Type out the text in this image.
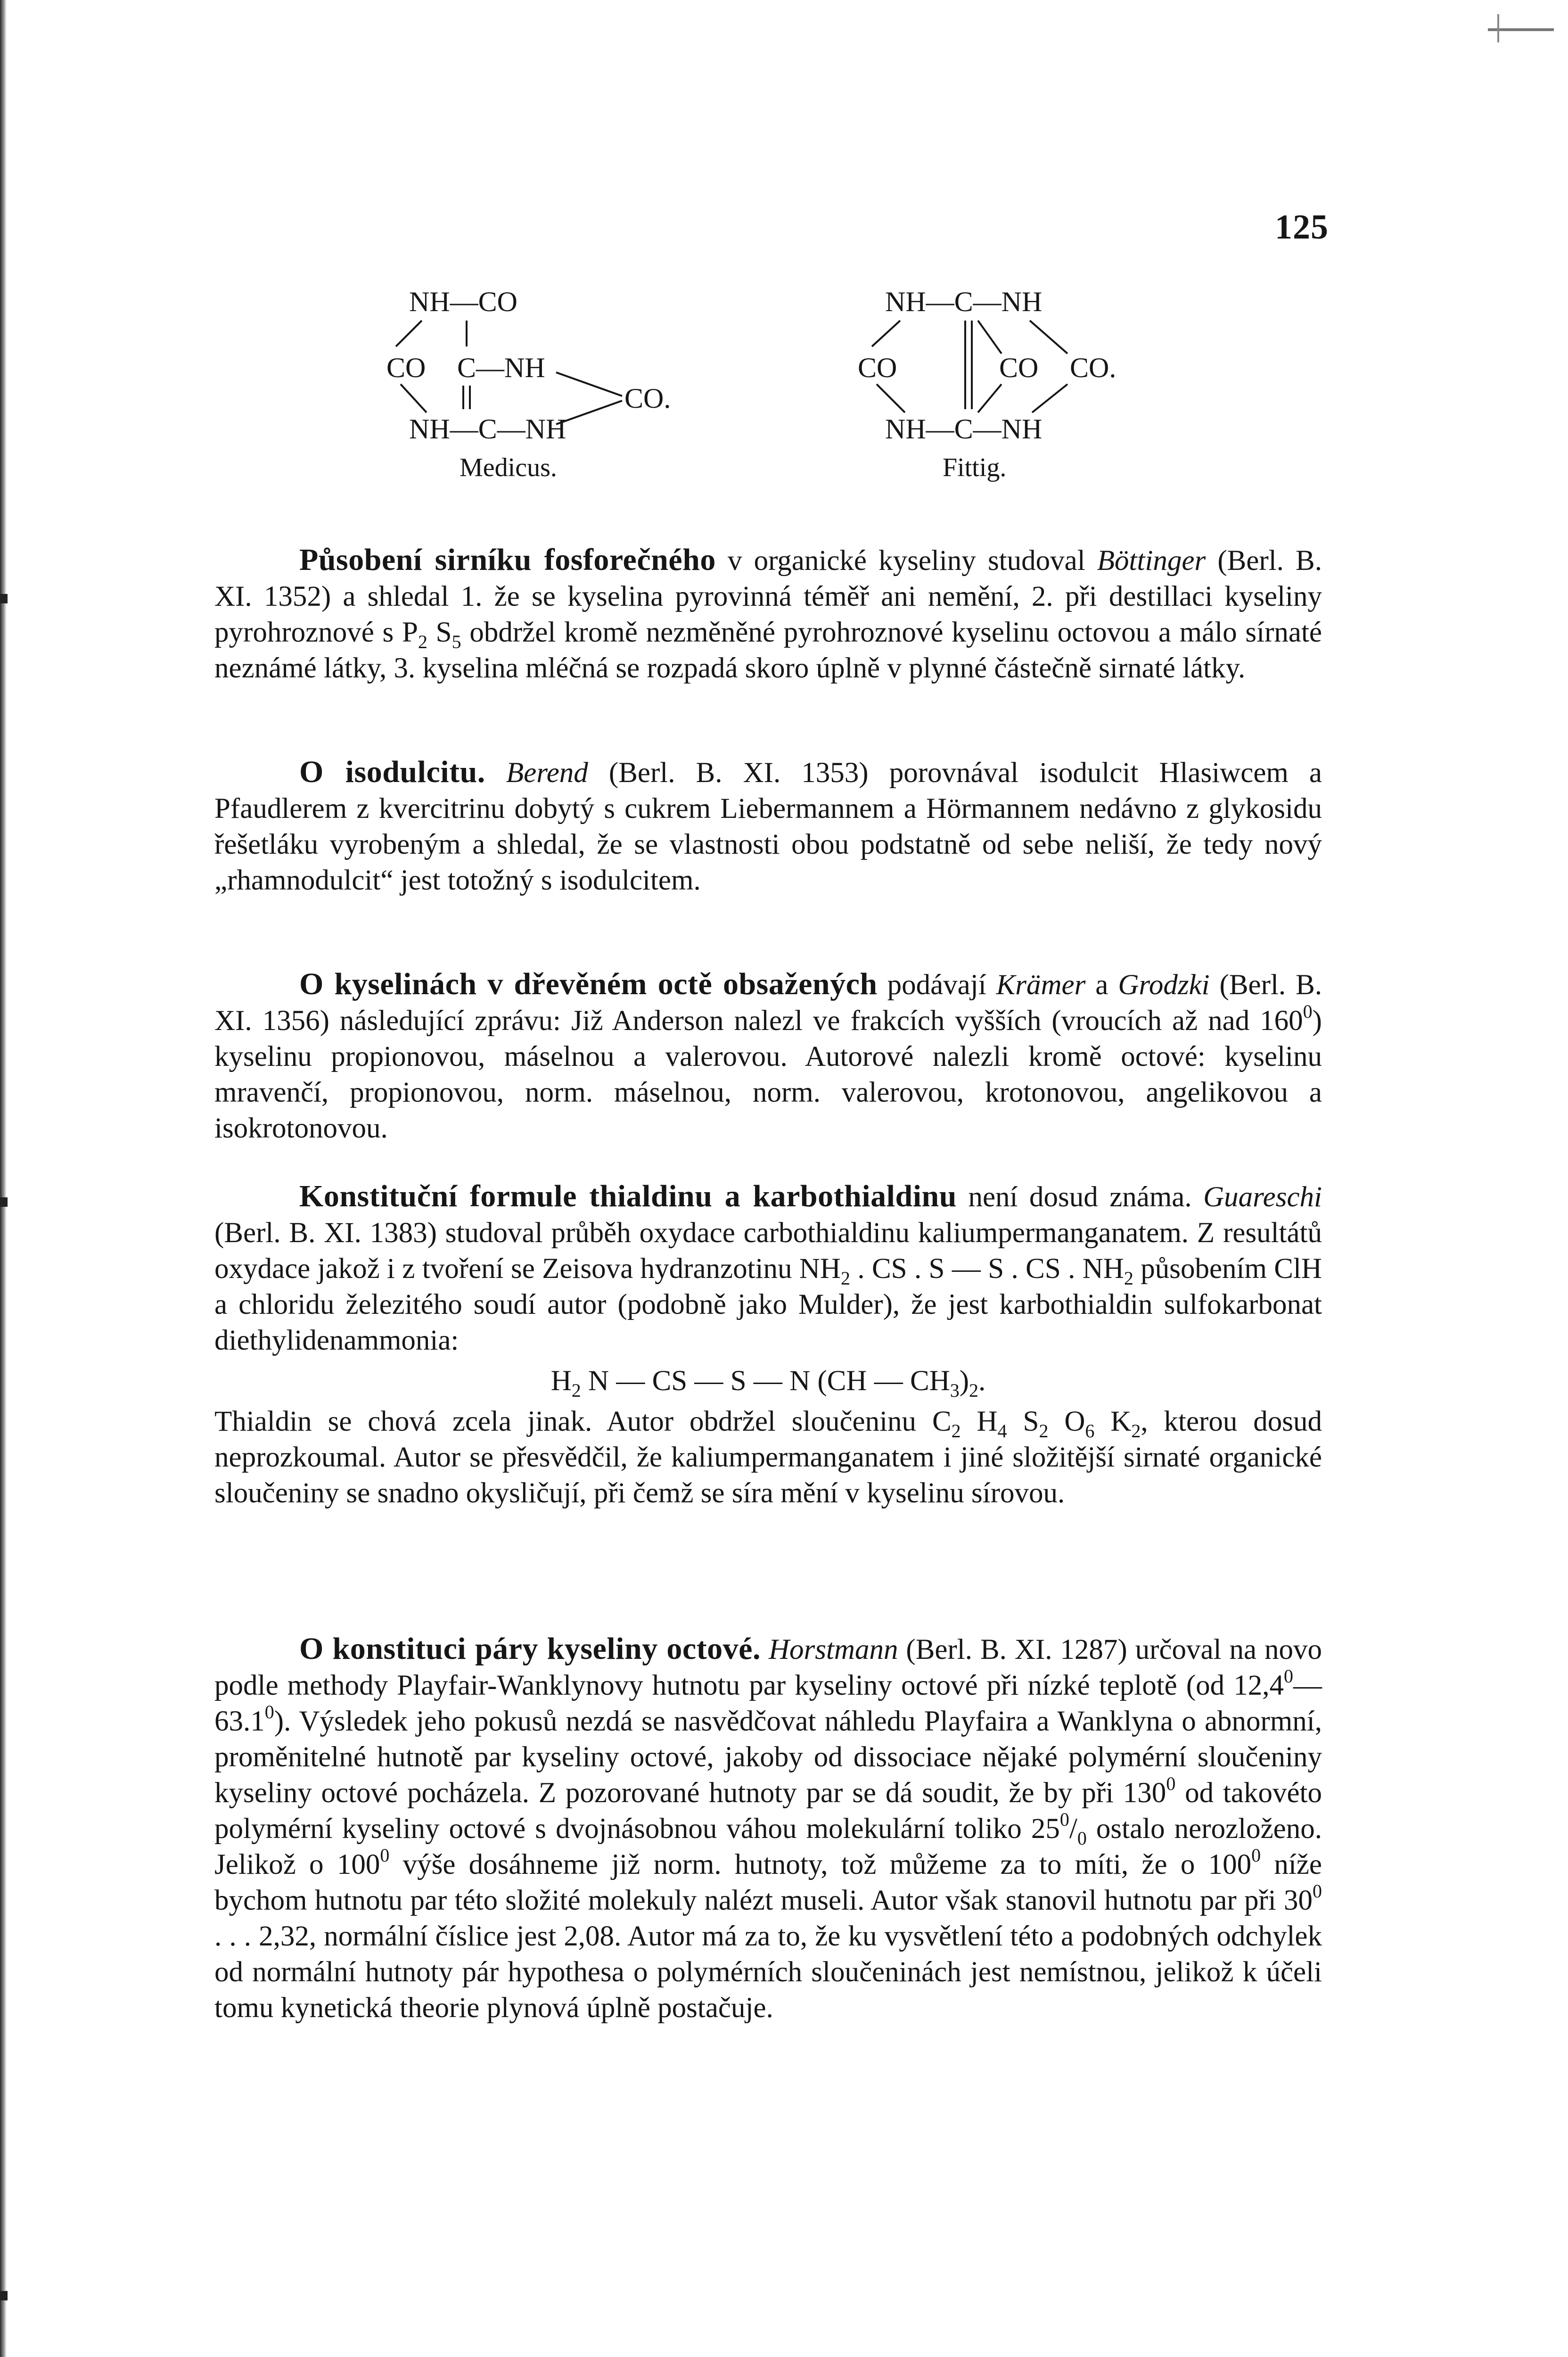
125
NH—CO
CO C—NH
CO.
NH—C—NH
Medicus.
NH—C—NH
CO	CO CO.
NH—C—NH
Fittig.

Působení sirníku fosforečného v organické kyseliny studoval Böttinger (Berl. B. XI. 1352) a shledal 1. že se kyselina pyrovinná téměř ani nemění, 2. při destillaci kyseliny pyrohroznové s $P_2$ $S_5$ obdržel kromě nezměněné pyrohroznové kyselinu octovou a málo sírnaté neznámé látky, 3. kyselina mléčná se rozpadá skoro úplně v plynné částečně sirnaté látky.

O isodulcitu. Berend (Berl. B. XI. 1353) porovnával isodulcit Hlasiwcem a Pfaudlerem z kvercitrinu dobytý s cukrem Liebermannem a Hörmannem nedávno z glykosidu řešetláku vyrobeným a shledal, že se vlastnosti obou podstatně od sebe neliší, že tedy nový „rhamnodulcit“ jest totožný s isodulcitem.

O kyselinách v dřevěném octě obsažených podávají Krämer a Grodzki (Berl. B. XI. 1356) následující zprávu: Již Anderson nalezl ve frakcích vyšších (vroucích až nad $160^0$) kyselinu propionovou, máselnou a valerovou. Autorové nalezli kromě octové: kyselinu mravenčí, propionovou, norm. máselnou, norm. valerovou, krotonovou, angelikovou a isokrotonovou.

Konstituční formule thialdinu a karbothialdinu není dosud známa. Guareschi (Berl. B. XI. 1383) studoval průběh oxydace carbothialdinu kaliumpermanganatem. Z resultátů oxydace jakož i z tvoření se Zeisova hydranzotinu $NH_2$ . CS . S — S . CS . $NH_2$ působením ClH a chloridu železitého soudí autor (podobně jako Mulder), že jest karbothialdin sulfokarbonat diethylidenammonia:

$H_2$ N — CS — S — N (CH — $CH_3)_2$.

Thialdin se chová zcela jinak. Autor obdržel sloučeninu $C_2$ $H_4$ $S_2$ $O_6$ $K_2$, kterou dosud neprozkoumal. Autor se přesvědčil, že kaliumpermanganatem i jiné složitější sirnaté organické sloučeniny se snadno okysličují, při čemž se síra mění v kyselinu sírovou.

O konstituci páry kyseliny octové. Horstmann (Berl. B. XI. 1287) určoval na novo podle methody Playfair-Wanklynovy hutnotu par kyseliny octové při nízké teplotě (od 12,4$^0$—63.1$^0$). Výsledek jeho pokusů nezdá se nasvědčovat náhledu Playfaira a Wanklyna o abnormní, proměnitelné hutnotě par kyseliny octové, jakoby od dissociace nějaké polymérní sloučeniny kyseliny octové pocházela. Z pozorované hutnoty par se dá soudit, že by při $130^0$ od takovéto polymérní kyseliny octové s dvojnásobnou váhou molekulární toliko $25^0/_0$ ostalo nerozloženo. Jelikož o $100^0$ výše dosáhneme již norm. hutnoty, tož můžeme za to míti, že o $100^0$ níže bychom hutnotu par této složité molekuly nalézt museli. Autor však stanovil hutnotu par při $30^0$ . . . 2,32, normální číslice jest 2,08. Autor má za to, že ku vysvětlení této a podobných odchylek od normální hutnoty pár hypothesa o polymérních sloučeninách jest nemístnou, jelikož k účeli tomu kynetická theorie plynová úplně postačuje.
